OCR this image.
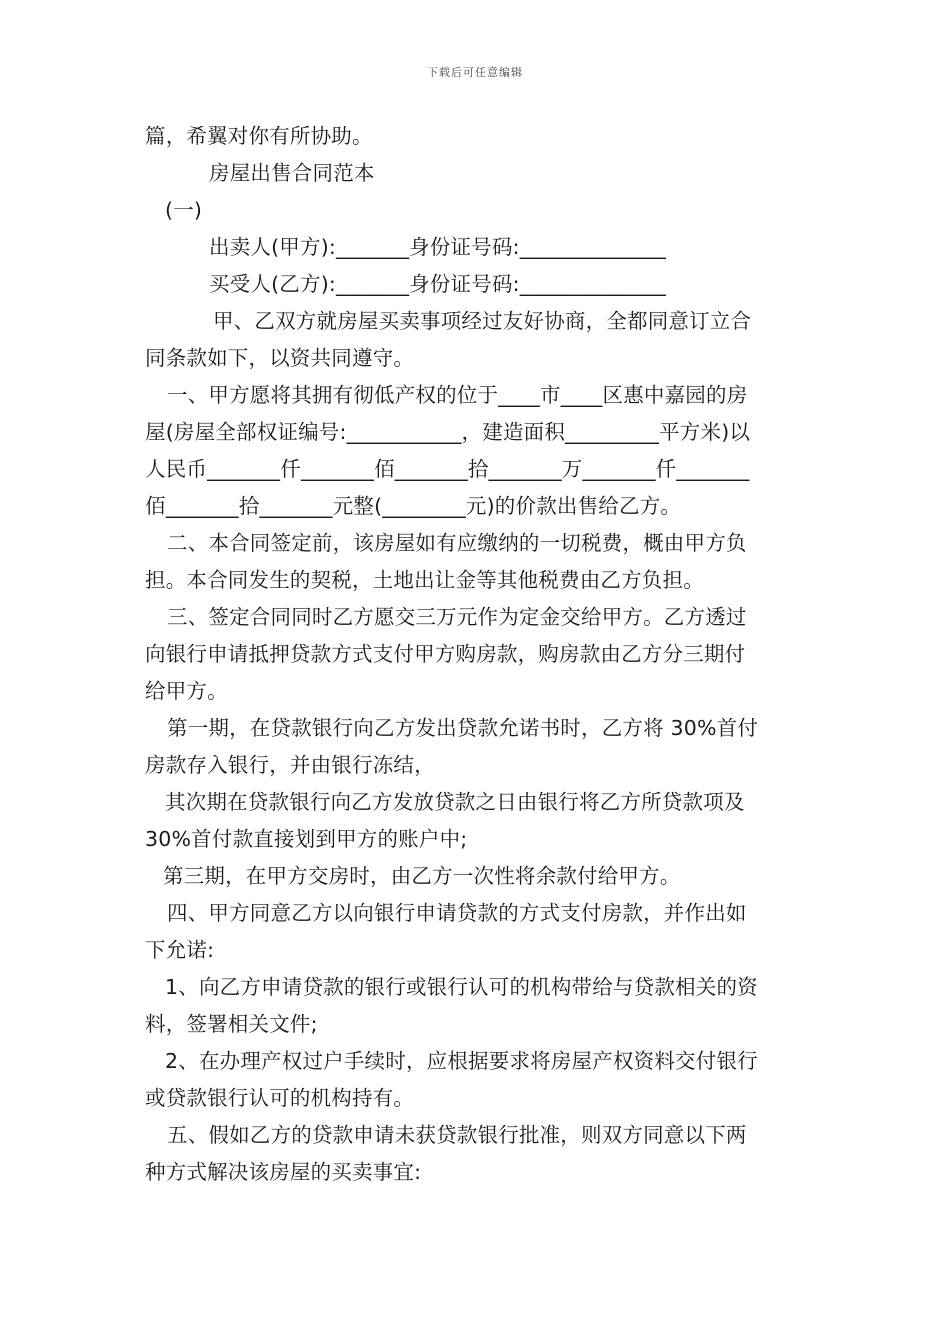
下载后可任意编辑
篇，希翼对你有所协助。
房屋出售合同范本
(一)
出卖人(甲方):_______身份证号码:______________
买受人(乙方):_______身份证号码:______________
甲、乙双方就房屋买卖事项经过友好协商，全都同意订立合
同条款如下，以资共同遵守。
一、甲方愿将其拥有彻低产权的位于____市____区惠中嘉园的房
屋(房屋全部权证编号:___________，建造面积_________平方米)以
人民币_______仟_______佰_______拾_______万_______仟_______
佰_______拾_______元整(________元)的价款出售给乙方。
二、本合同签定前，该房屋如有应缴纳的一切税费，概由甲方负
担。本合同发生的契税，土地出让金等其他税费由乙方负担。
三、签定合同同时乙方愿交三万元作为定金交给甲方。乙方透过
向银行申请抵押贷款方式支付甲方购房款，购房款由乙方分三期付
给甲方。
第一期，在贷款银行向乙方发出贷款允诺书时，乙方将 30%首付
房款存入银行，并由银行冻结，
其次期在贷款银行向乙方发放贷款之日由银行将乙方所贷款项及
30%首付款直接划到甲方的账户中;
第三期，在甲方交房时，由乙方一次性将余款付给甲方。
四、甲方同意乙方以向银行申请贷款的方式支付房款，并作出如
下允诺:
1、向乙方申请贷款的银行或银行认可的机构带给与贷款相关的资
料，签署相关文件;
2、在办理产权过户手续时，应根据要求将房屋产权资料交付银行
或贷款银行认可的机构持有。
五、假如乙方的贷款申请未获贷款银行批准，则双方同意以下两
种方式解决该房屋的买卖事宜:
